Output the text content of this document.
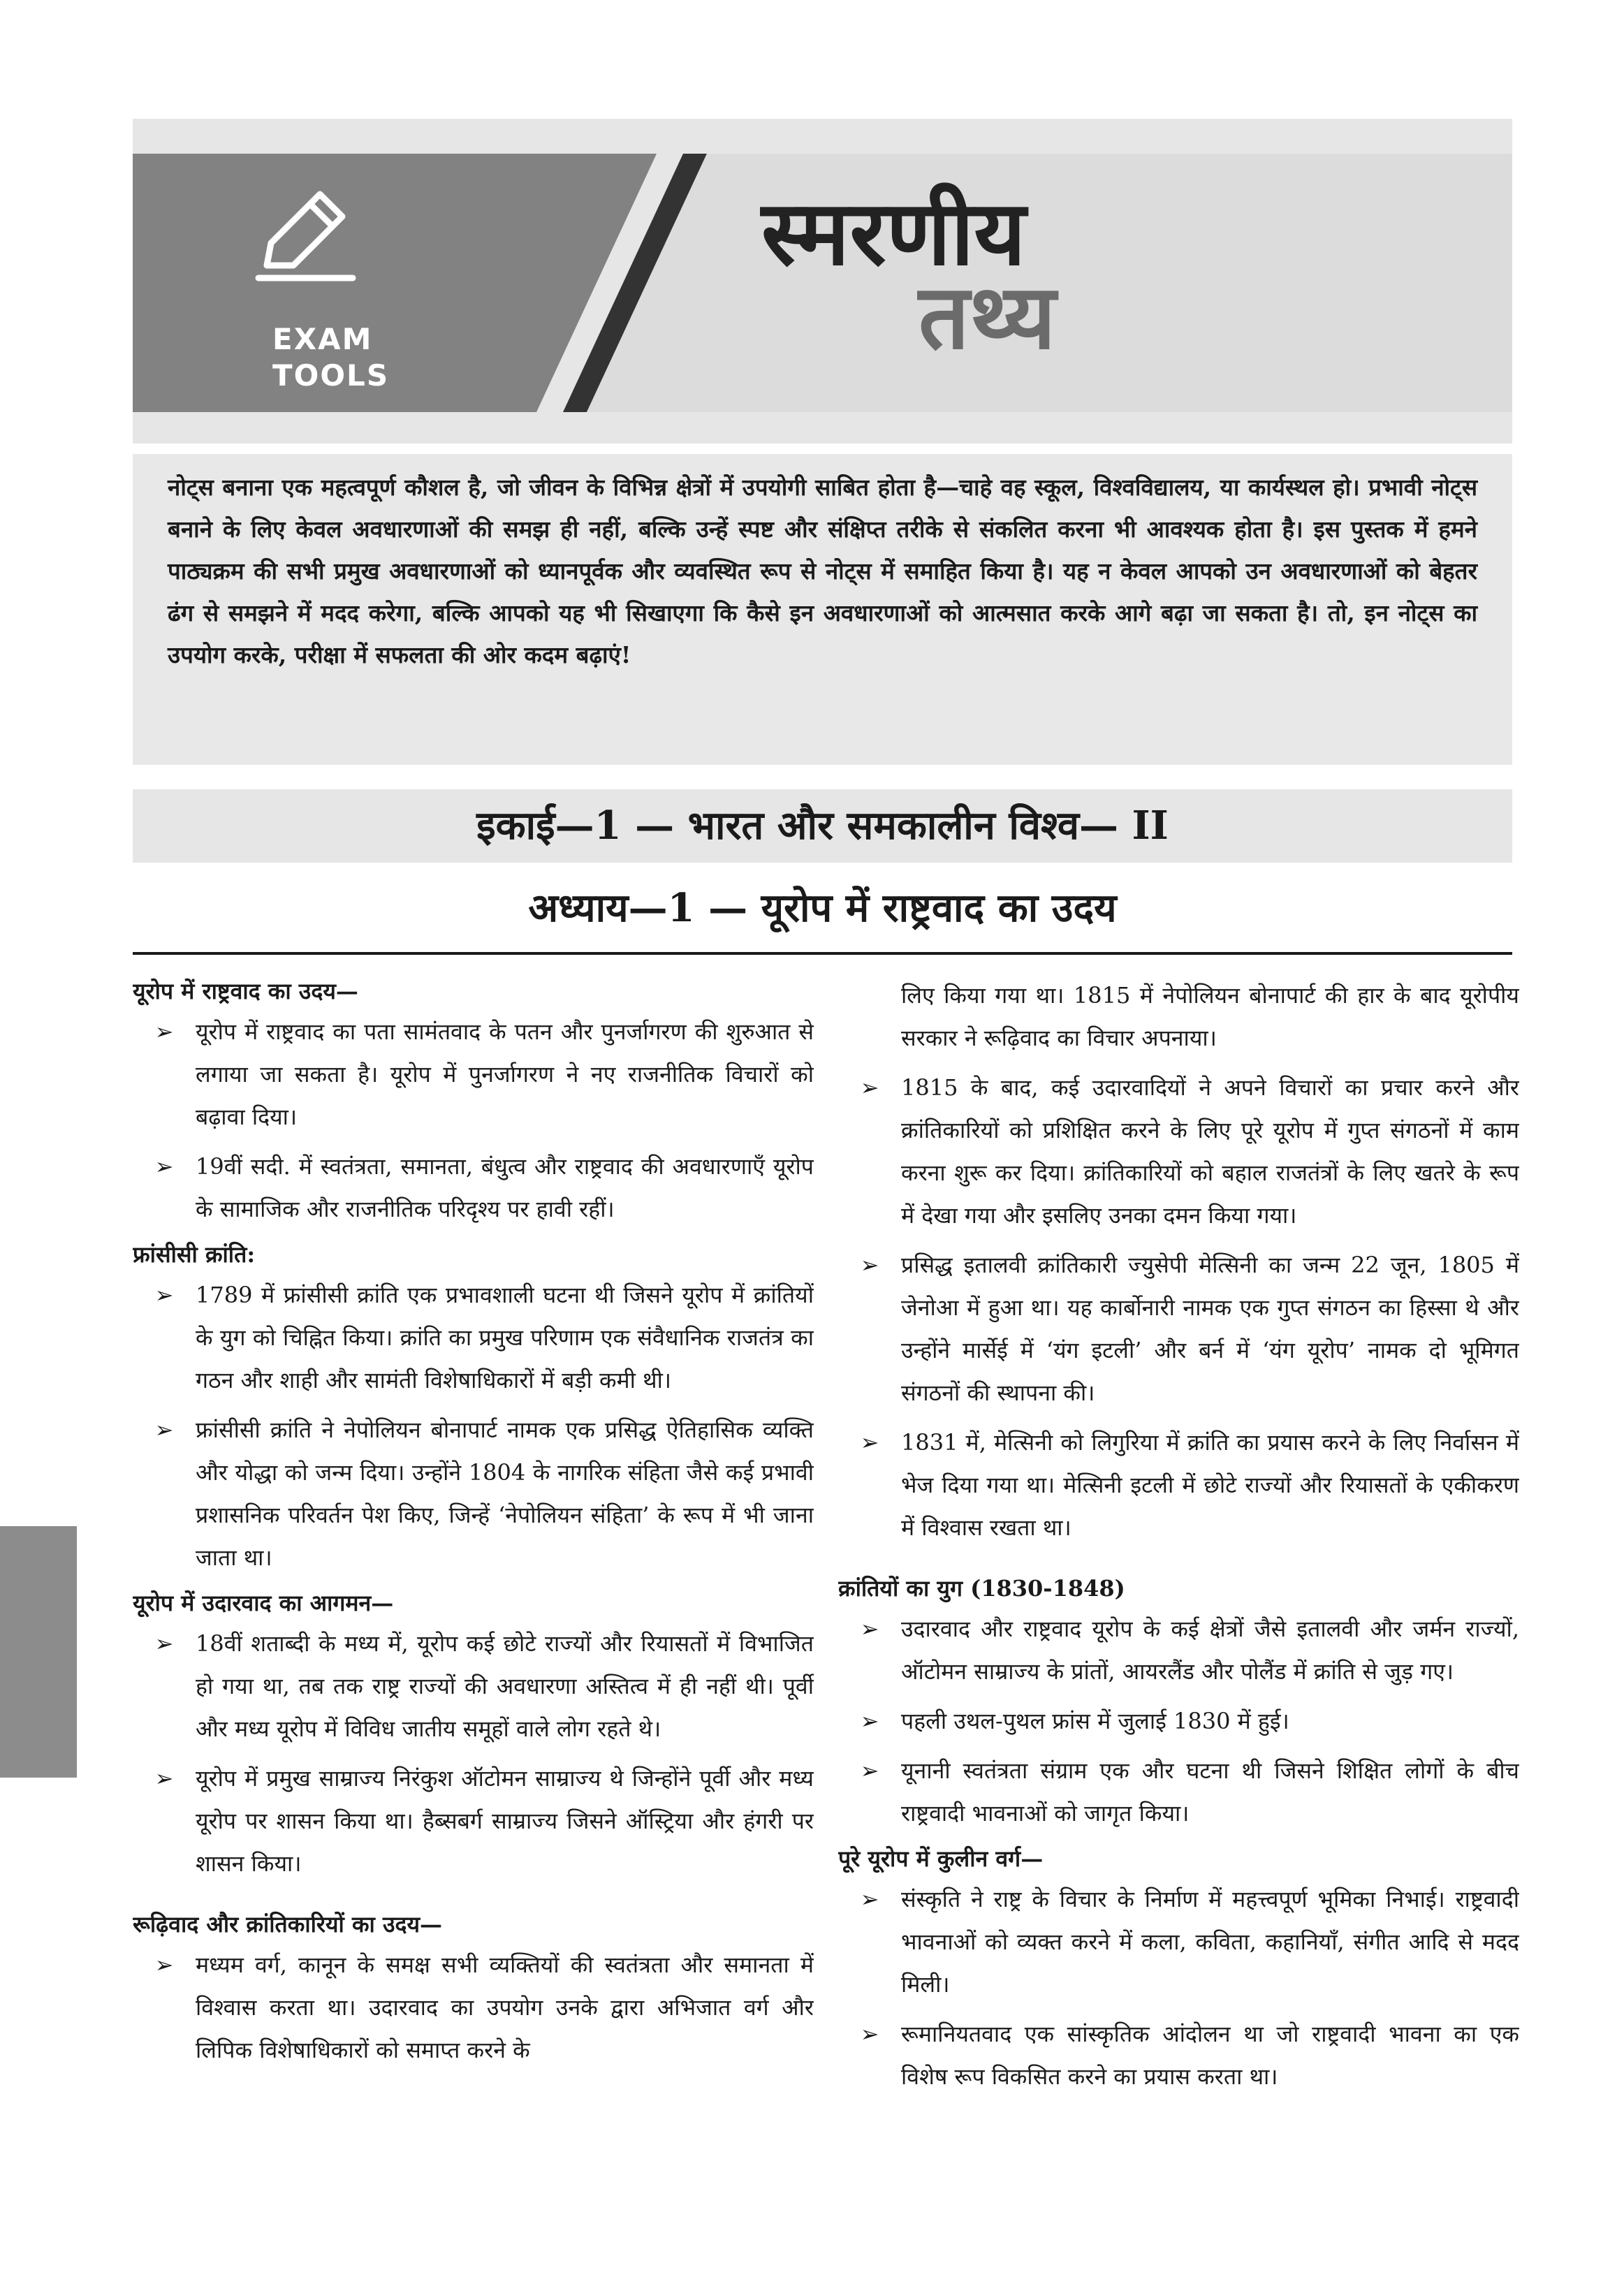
EXAM
TOOLS
स्मरणीय
तथ्य

नोट्स बनाना एक महत्वपूर्ण कौशल है, जो जीवन के विभिन्न क्षेत्रों में उपयोगी साबित होता है—चाहे वह स्कूल, विश्वविद्यालय, या कार्यस्थल हो। प्रभावी नोट्स बनाने के लिए केवल अवधारणाओं की समझ ही नहीं, बल्कि उन्हें स्पष्ट और संक्षिप्त तरीके से संकलित करना भी आवश्यक होता है। इस पुस्तक में हमने पाठ्यक्रम की सभी प्रमुख अवधारणाओं को ध्यानपूर्वक और व्यवस्थित रूप से नोट्स में समाहित किया है। यह न केवल आपको उन अवधारणाओं को बेहतर ढंग से समझने में मदद करेगा, बल्कि आपको यह भी सिखाएगा कि कैसे इन अवधारणाओं को आत्मसात करके आगे बढ़ा जा सकता है। तो, इन नोट्स का उपयोग करके, परीक्षा में सफलता की ओर कदम बढ़ाएं!

इकाई—1 — भारत और समकालीन विश्व— II
अध्याय—1 — यूरोप में राष्ट्रवाद का उदय
यूरोप में राष्ट्रवाद का उदय—
➢ यूरोप में राष्ट्रवाद का पता सामंतवाद के पतन और पुनर्जागरण की शुरुआत से लगाया जा सकता है। यूरोप में पुनर्जागरण ने नए राजनीतिक विचारों को बढ़ावा दिया।
➢ 19वीं सदी. में स्वतंत्रता, समानता, बंधुत्व और राष्ट्रवाद की अवधारणाएँ यूरोप के सामाजिक और राजनीतिक परिदृश्य पर हावी रहीं।
फ्रांसीसी क्रांति:
➢ 1789 में फ्रांसीसी क्रांति एक प्रभावशाली घटना थी जिसने यूरोप में क्रांतियों के युग को चिह्नित किया। क्रांति का प्रमुख परिणाम एक संवैधानिक राजतंत्र का गठन और शाही और सामंती विशेषाधिकारों में बड़ी कमी थी।
➢ फ्रांसीसी क्रांति ने नेपोलियन बोनापार्ट नामक एक प्रसिद्ध ऐतिहासिक व्यक्ति और योद्धा को जन्म दिया। उन्होंने 1804 के नागरिक संहिता जैसे कई प्रभावी प्रशासनिक परिवर्तन पेश किए, जिन्हें ‘नेपोलियन संहिता’ के रूप में भी जाना जाता था।
यूरोप में उदारवाद का आगमन—
➢ 18वीं शताब्दी के मध्य में, यूरोप कई छोटे राज्यों और रियासतों में विभाजित हो गया था, तब तक राष्ट्र राज्यों की अवधारणा अस्तित्व में ही नहीं थी। पूर्वी और मध्य यूरोप में विविध जातीय समूहों वाले लोग रहते थे।
➢ यूरोप में प्रमुख साम्राज्य निरंकुश ऑटोमन साम्राज्य थे जिन्होंने पूर्वी और मध्य यूरोप पर शासन किया था। हैब्सबर्ग साम्राज्य जिसने ऑस्ट्रिया और हंगरी पर शासन किया।
रूढ़िवाद और क्रांतिकारियों का उदय—
➢ मध्यम वर्ग, कानून के समक्ष सभी व्यक्तियों की स्वतंत्रता और समानता में विश्वास करता था। उदारवाद का उपयोग उनके द्वारा अभिजात वर्ग और लिपिक विशेषाधिकारों को समाप्त करने के
लिए किया गया था। 1815 में नेपोलियन बोनापार्ट की हार के बाद यूरोपीय सरकार ने रूढ़िवाद का विचार अपनाया।
➢ 1815 के बाद, कई उदारवादियों ने अपने विचारों का प्रचार करने और क्रांतिकारियों को प्रशिक्षित करने के लिए पूरे यूरोप में गुप्त संगठनों में काम करना शुरू कर दिया। क्रांतिकारियों को बहाल राजतंत्रों के लिए खतरे के रूप में देखा गया और इसलिए उनका दमन किया गया।
➢ प्रसिद्ध इतालवी क्रांतिकारी ज्युसेपी मेत्सिनी का जन्म 22 जून, 1805 में जेनोआ में हुआ था। यह कार्बोनारी नामक एक गुप्त संगठन का हिस्सा थे और उन्होंने मार्सेई में ‘यंग इटली’ और बर्न में ‘यंग यूरोप’ नामक दो भूमिगत संगठनों की स्थापना की।
➢ 1831 में, मेत्सिनी को लिगुरिया में क्रांति का प्रयास करने के लिए निर्वासन में भेज दिया गया था। मेत्सिनी इटली में छोटे राज्यों और रियासतों के एकीकरण में विश्वास रखता था।
क्रांतियों का युग (1830-1848)
➢ उदारवाद और राष्ट्रवाद यूरोप के कई क्षेत्रों जैसे इतालवी और जर्मन राज्यों, ऑटोमन साम्राज्य के प्रांतों, आयरलैंड और पोलैंड में क्रांति से जुड़ गए।
➢ पहली उथल-पुथल फ्रांस में जुलाई 1830 में हुई।
➢ यूनानी स्वतंत्रता संग्राम एक और घटना थी जिसने शिक्षित लोगों के बीच राष्ट्रवादी भावनाओं को जागृत किया।
पूरे यूरोप में कुलीन वर्ग—
➢ संस्कृति ने राष्ट्र के विचार के निर्माण में महत्त्वपूर्ण भूमिका निभाई। राष्ट्रवादी भावनाओं को व्यक्त करने में कला, कविता, कहानियाँ, संगीत आदि से मदद मिली।
➢ रूमानियतवाद एक सांस्कृतिक आंदोलन था जो राष्ट्रवादी भावना का एक विशेष रूप विकसित करने का प्रयास करता था।
